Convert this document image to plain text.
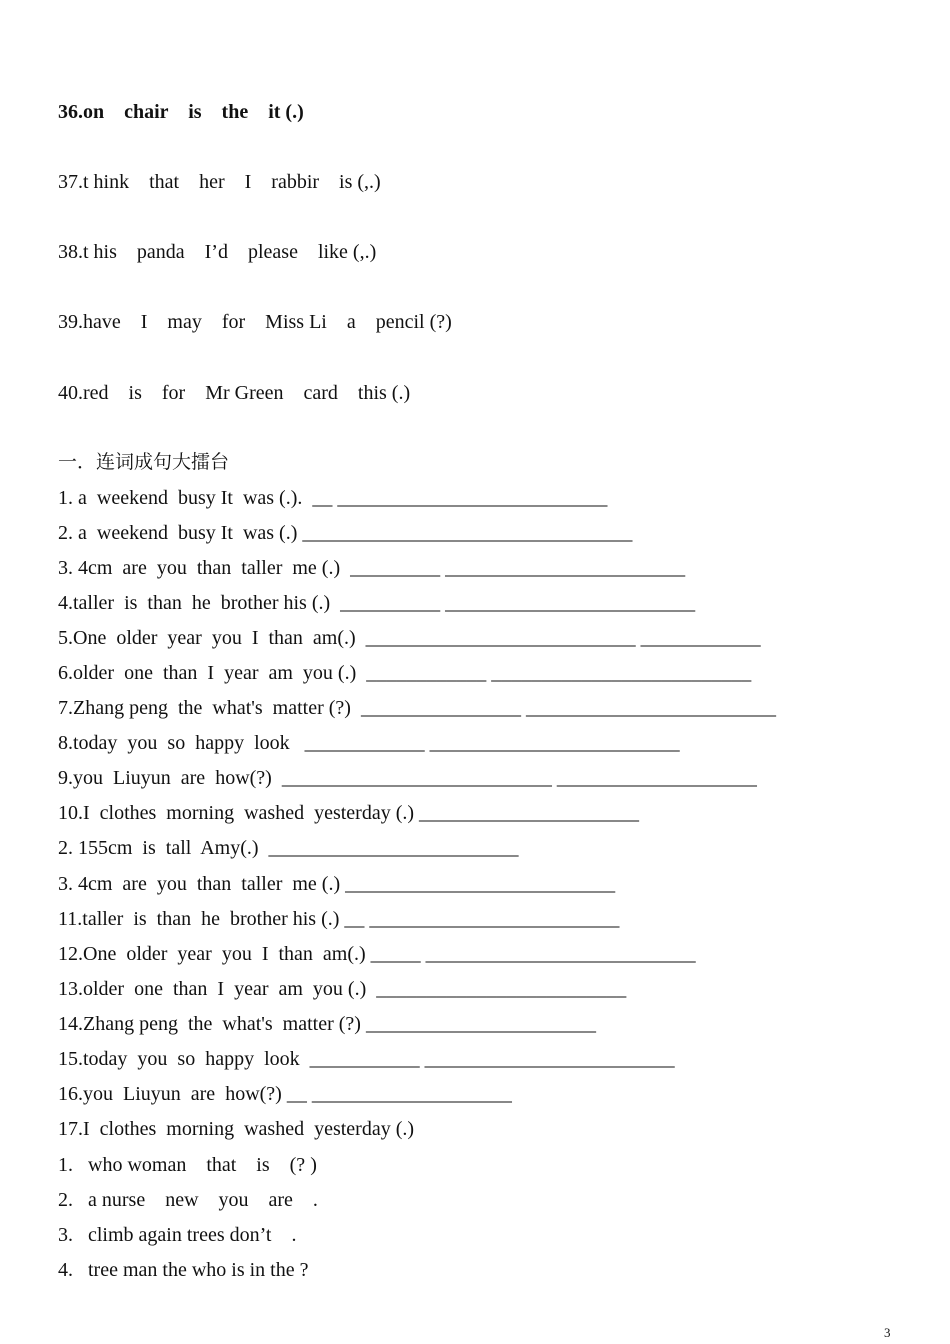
36.on    chair    is    the    it (.)
37.t hink    that    her    I    rabbir    is (,.)
38.t his    panda    I’d    please    like (,.)
39.have    I    may    for    Miss Li    a    pencil (?)
40.red    is    for    Mr Green    card    this (.)
一．连词成句大擂台
1. a  weekend  busy It  was (.).  __ ___________________________
2. a  weekend  busy It  was (.) _________________________________
3. 4cm  are  you  than  taller  me (.)  _________ ________________________
4.taller  is  than  he  brother his (.)  __________ _________________________
5.One  older  year  you  I  than  am(.)  ___________________________ ____________
6.older  one  than  I  year  am  you (.)  ____________ __________________________
7.Zhang peng  the  what's  matter (?)  ________________ _________________________
8.today  you  so  happy  look   ____________ _________________________
9.you  Liuyun  are  how(?)  ___________________________ ____________________
10.I  clothes  morning  washed  yesterday (.) ______________________
2. 155cm  is  tall  Amy(.)  _________________________
3. 4cm  are  you  than  taller  me (.) ___________________________
11.taller  is  than  he  brother his (.) __ _________________________
12.One  older  year  you  I  than  am(.) _____ ___________________________
13.older  one  than  I  year  am  you (.)  _________________________
14.Zhang peng  the  what's  matter (?) _______________________
15.today  you  so  happy  look  ___________ _________________________
16.you  Liuyun  are  how(?) __ ____________________
17.I  clothes  morning  washed  yesterday (.)
1.   who woman    that    is    (? )
2.   a nurse    new    you    are    .
3.   climb again trees don’t    .
4.   tree man the who is in the ?
3
